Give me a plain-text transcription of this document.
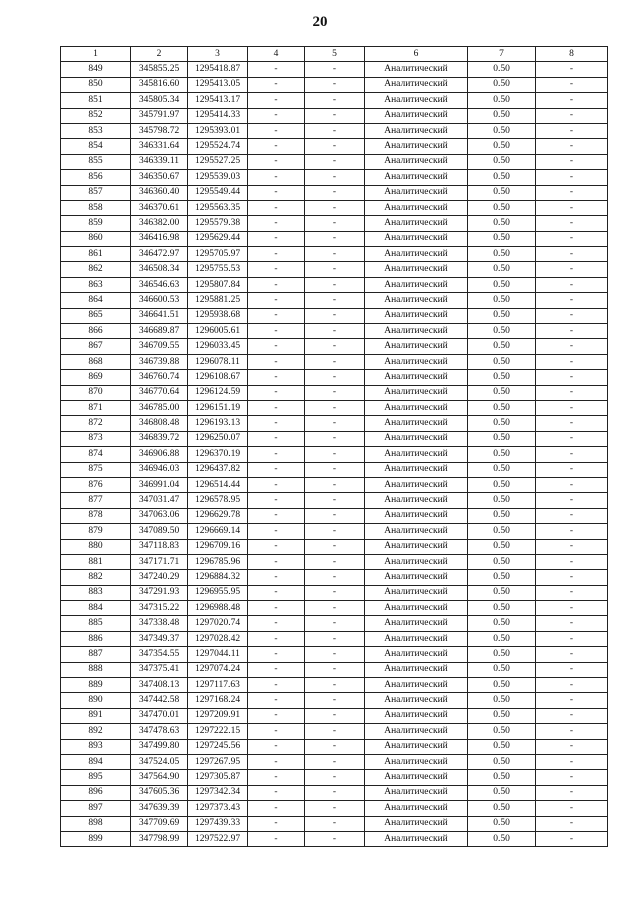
20
1	2	3	4	5	6	7	8
849	345855.25	1295418.87	-	-	Аналитический	0.50	-
850	345816.60	1295413.05	-	-	Аналитический	0.50	-
851	345805.34	1295413.17	-	-	Аналитический	0.50	-
852	345791.97	1295414.33	-	-	Аналитический	0.50	-
853	345798.72	1295393.01	-	-	Аналитический	0.50	-
854	346331.64	1295524.74	-	-	Аналитический	0.50	-
855	346339.11	1295527.25	-	-	Аналитический	0.50	-
856	346350.67	1295539.03	-	-	Аналитический	0.50	-
857	346360.40	1295549.44	-	-	Аналитический	0.50	-
858	346370.61	1295563.35	-	-	Аналитический	0.50	-
859	346382.00	1295579.38	-	-	Аналитический	0.50	-
860	346416.98	1295629.44	-	-	Аналитический	0.50	-
861	346472.97	1295705.97	-	-	Аналитический	0.50	-
862	346508.34	1295755.53	-	-	Аналитический	0.50	-
863	346546.63	1295807.84	-	-	Аналитический	0.50	-
864	346600.53	1295881.25	-	-	Аналитический	0.50	-
865	346641.51	1295938.68	-	-	Аналитический	0.50	-
866	346689.87	1296005.61	-	-	Аналитический	0.50	-
867	346709.55	1296033.45	-	-	Аналитический	0.50	-
868	346739.88	1296078.11	-	-	Аналитический	0.50	-
869	346760.74	1296108.67	-	-	Аналитический	0.50	-
870	346770.64	1296124.59	-	-	Аналитический	0.50	-
871	346785.00	1296151.19	-	-	Аналитический	0.50	-
872	346808.48	1296193.13	-	-	Аналитический	0.50	-
873	346839.72	1296250.07	-	-	Аналитический	0.50	-
874	346906.88	1296370.19	-	-	Аналитический	0.50	-
875	346946.03	1296437.82	-	-	Аналитический	0.50	-
876	346991.04	1296514.44	-	-	Аналитический	0.50	-
877	347031.47	1296578.95	-	-	Аналитический	0.50	-
878	347063.06	1296629.78	-	-	Аналитический	0.50	-
879	347089.50	1296669.14	-	-	Аналитический	0.50	-
880	347118.83	1296709.16	-	-	Аналитический	0.50	-
881	347171.71	1296785.96	-	-	Аналитический	0.50	-
882	347240.29	1296884.32	-	-	Аналитический	0.50	-
883	347291.93	1296955.95	-	-	Аналитический	0.50	-
884	347315.22	1296988.48	-	-	Аналитический	0.50	-
885	347338.48	1297020.74	-	-	Аналитический	0.50	-
886	347349.37	1297028.42	-	-	Аналитический	0.50	-
887	347354.55	1297044.11	-	-	Аналитический	0.50	-
888	347375.41	1297074.24	-	-	Аналитический	0.50	-
889	347408.13	1297117.63	-	-	Аналитический	0.50	-
890	347442.58	1297168.24	-	-	Аналитический	0.50	-
891	347470.01	1297209.91	-	-	Аналитический	0.50	-
892	347478.63	1297222.15	-	-	Аналитический	0.50	-
893	347499.80	1297245.56	-	-	Аналитический	0.50	-
894	347524.05	1297267.95	-	-	Аналитический	0.50	-
895	347564.90	1297305.87	-	-	Аналитический	0.50	-
896	347605.36	1297342.34	-	-	Аналитический	0.50	-
897	347639.39	1297373.43	-	-	Аналитический	0.50	-
898	347709.69	1297439.33	-	-	Аналитический	0.50	-
899	347798.99	1297522.97	-	-	Аналитический	0.50	-
